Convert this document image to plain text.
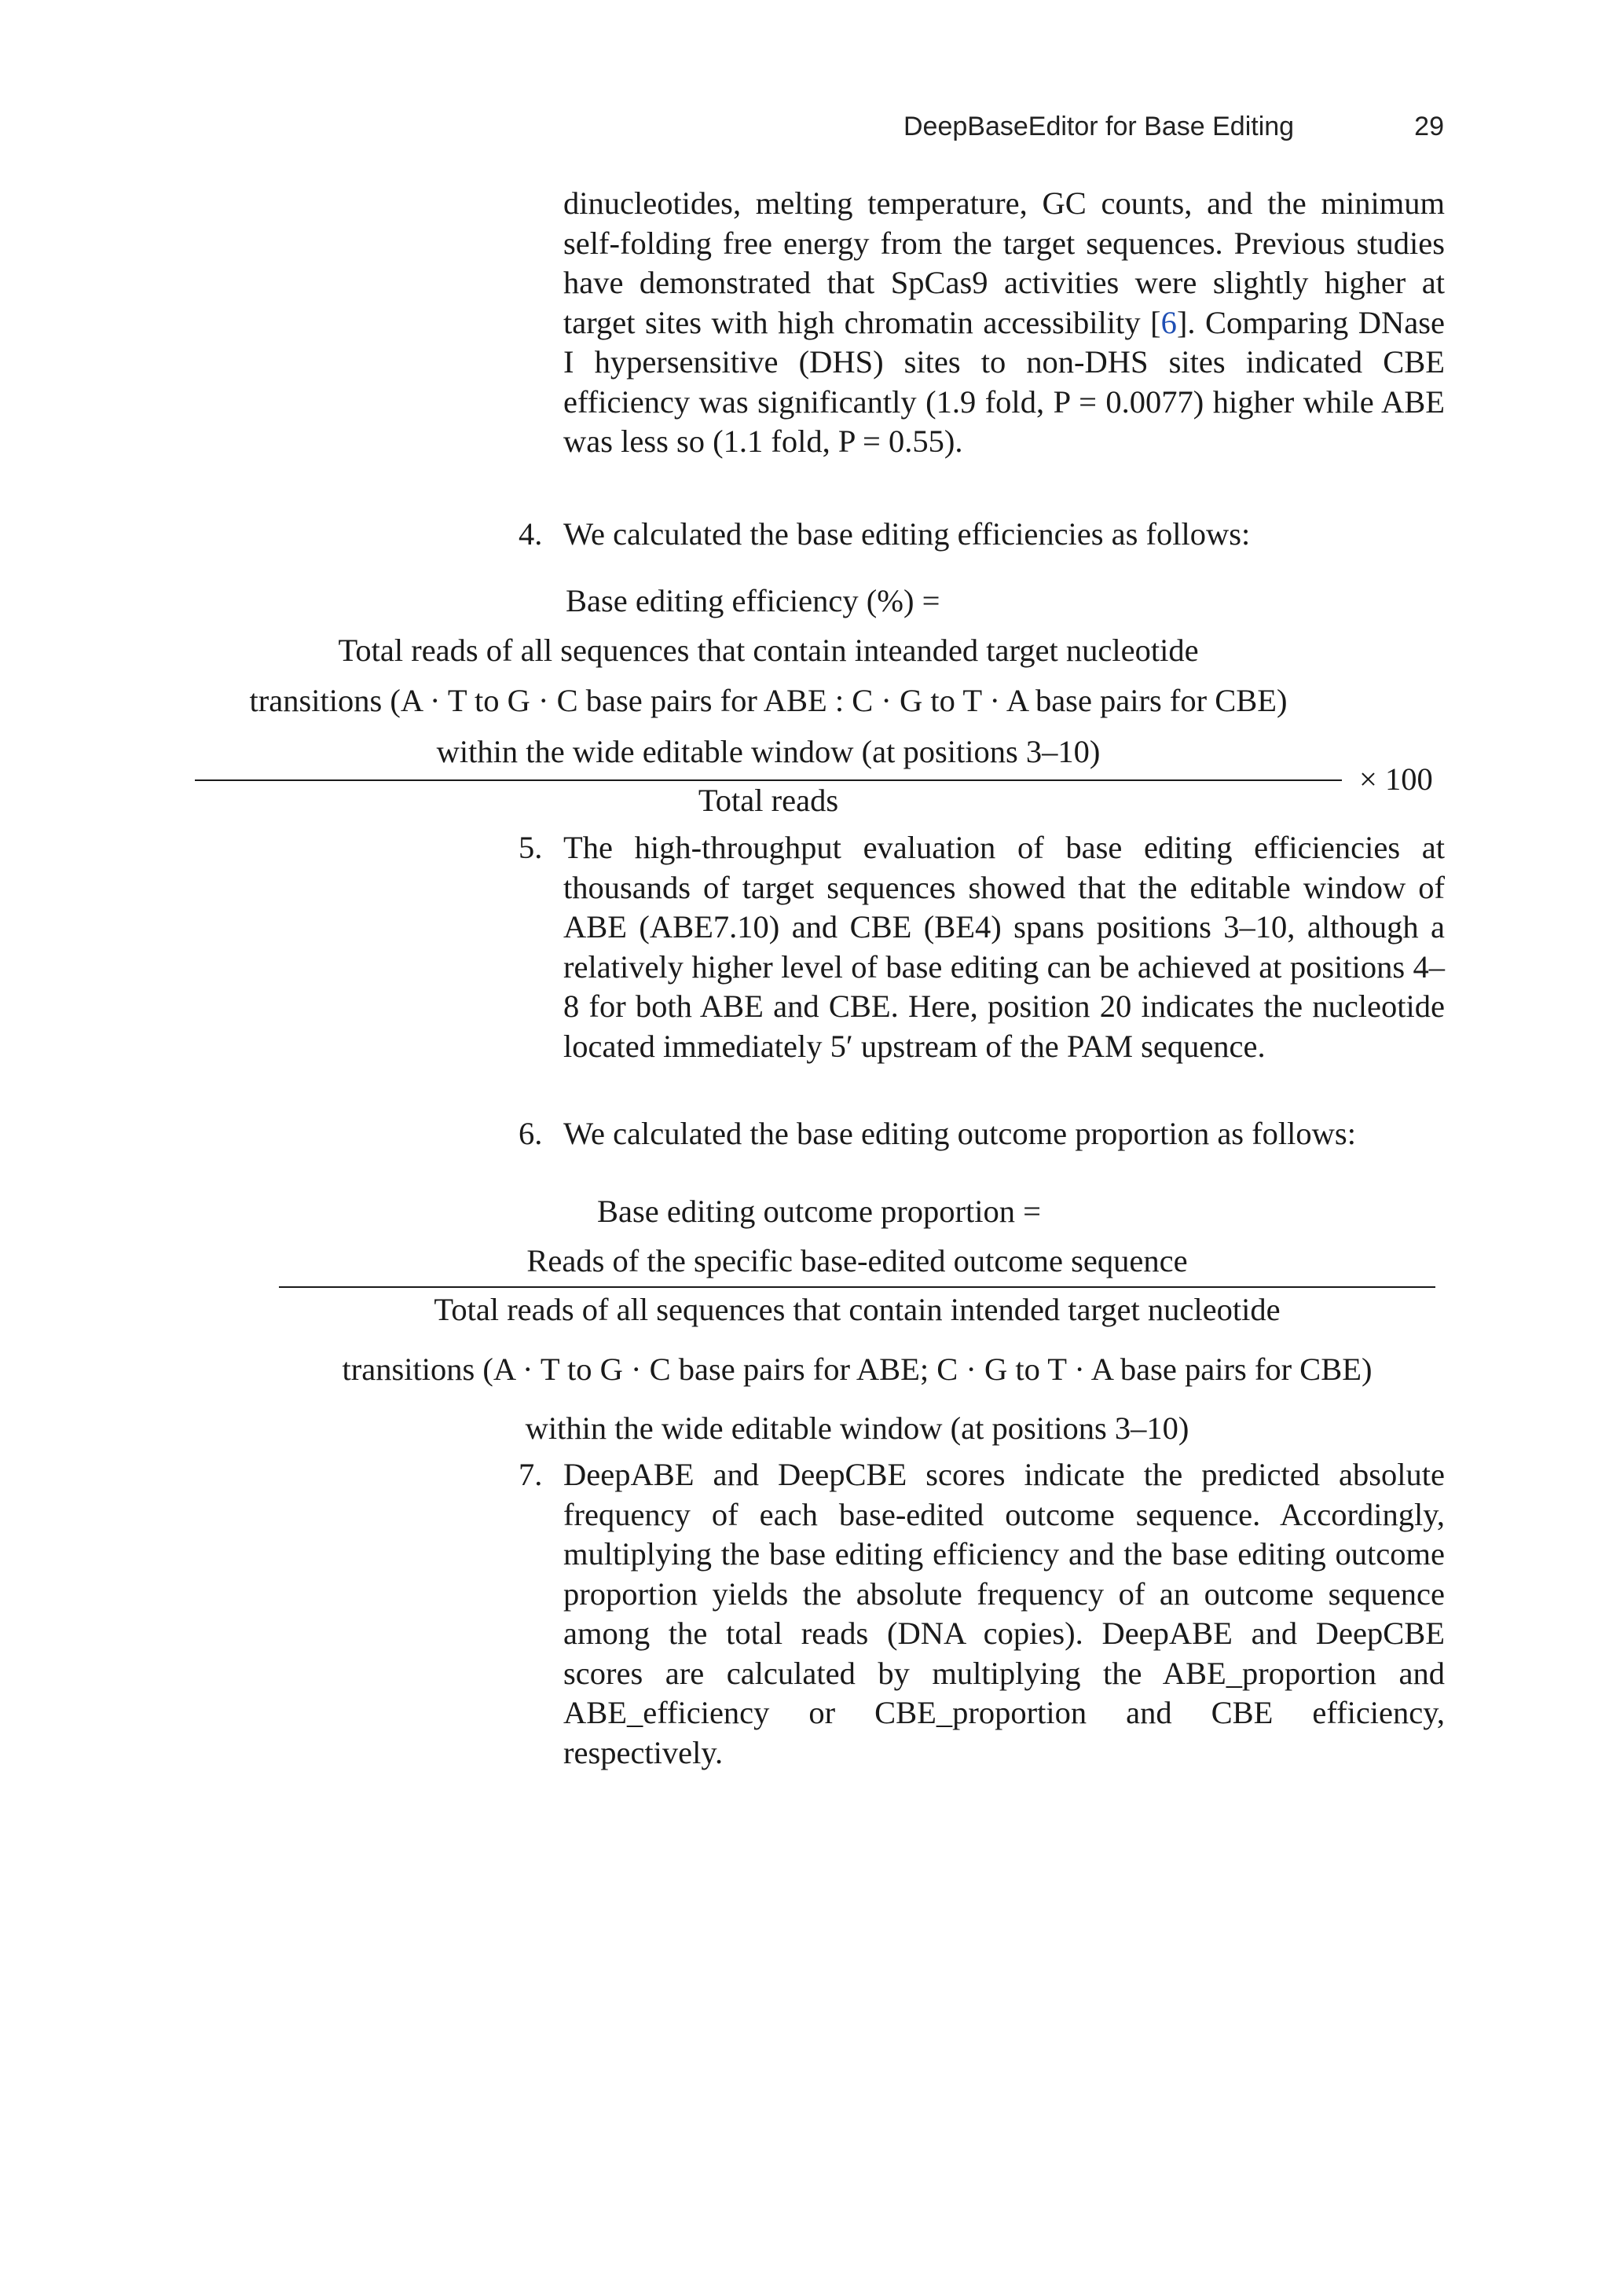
DeepBaseEditor for Base Editing	29
dinucleotides, melting temperature, GC counts, and the minimum self-folding free energy from the target sequences. Previous studies have demonstrated that SpCas9 activities were slightly higher at target sites with high chromatin accessibility [6]. Comparing DNase I hypersensitive (DHS) sites to non-DHS sites indicated CBE efficiency was significantly (1.9 fold, P = 0.0077) higher while ABE was less so (1.1 fold, P = 0.55).
4. We calculated the base editing efficiencies as follows:
Base editing efficiency (%) =
Total reads of all sequences that contain inteanded target nucleotide
transitions (A · T to G · C base pairs for ABE : C · G to T · A base pairs for CBE)
within the wide editable window (at positions 3–10)
Total reads
× 100
5. The high-throughput evaluation of base editing efficiencies at thousands of target sequences showed that the editable window of ABE (ABE7.10) and CBE (BE4) spans positions 3–10, although a relatively higher level of base editing can be achieved at positions 4–8 for both ABE and CBE. Here, position 20 indicates the nucleotide located immediately 5′ upstream of the PAM sequence.
6. We calculated the base editing outcome proportion as follows:
Base editing outcome proportion =
Reads of the specific base-edited outcome sequence
Total reads of all sequences that contain intended target nucleotide
transitions (A · T to G · C base pairs for ABE; C · G to T · A base pairs for CBE)
within the wide editable window (at positions 3–10)
7. DeepABE and DeepCBE scores indicate the predicted absolute frequency of each base-edited outcome sequence. Accordingly, multiplying the base editing efficiency and the base editing outcome proportion yields the absolute frequency of an outcome sequence among the total reads (DNA copies). DeepABE and DeepCBE scores are calculated by multiplying the ABE_proportion and ABE_efficiency or CBE_proportion and CBE efficiency, respectively.
